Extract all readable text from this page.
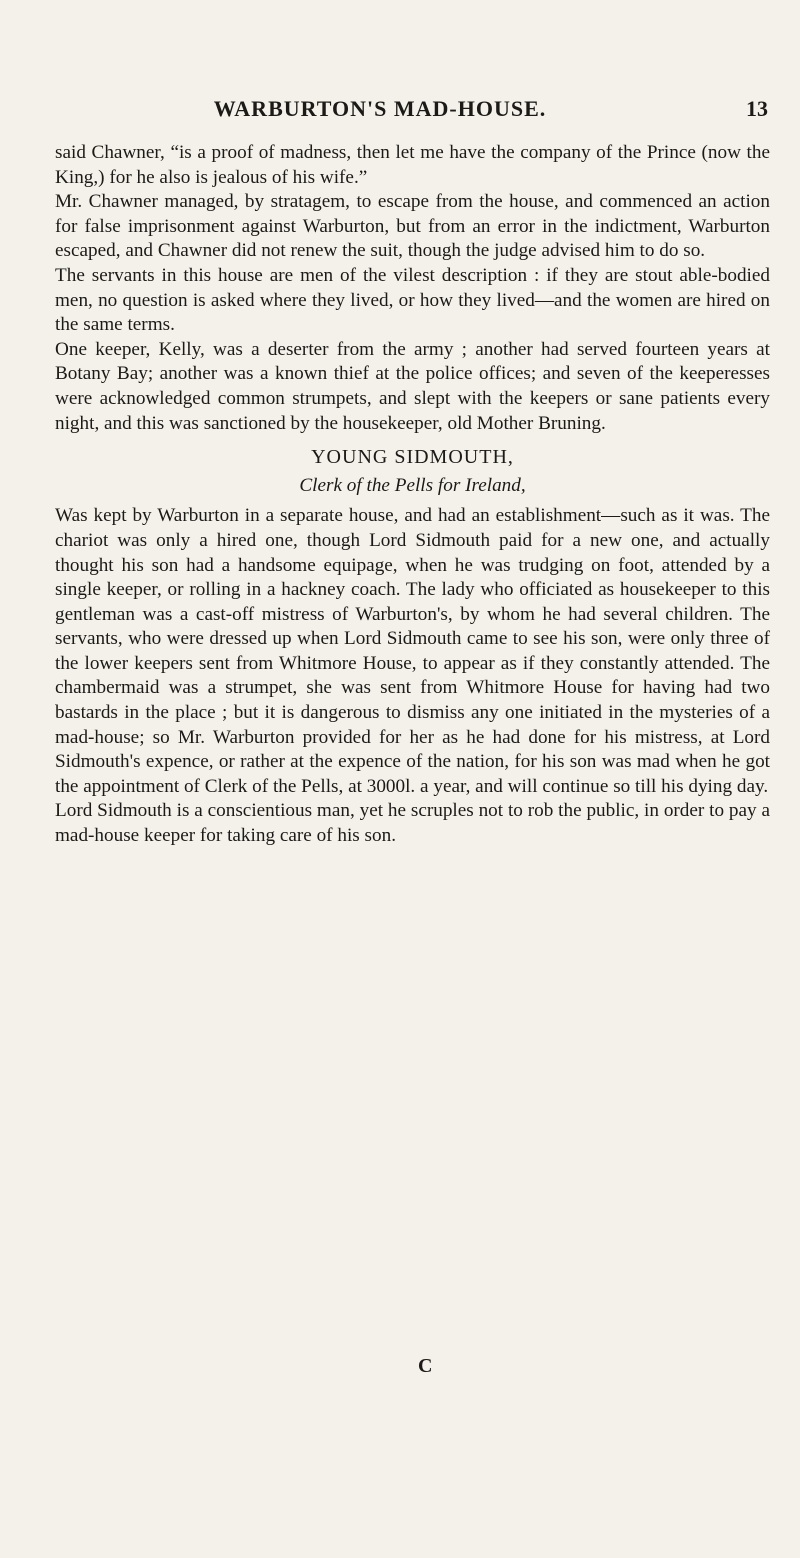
WARBURTON'S MAD-HOUSE.	13

said Chawner, “is a proof of madness, then let me have the company of the Prince (now the King,) for he also is jealous of his wife.”

Mr. Chawner managed, by stratagem, to escape from the house, and commenced an action for false imprisonment against Warburton, but from an error in the indictment, Warburton escaped, and Chawner did not renew the suit, though the judge advised him to do so.

The servants in this house are men of the vilest description : if they are stout able-bodied men, no question is asked where they lived, or how they lived—and the women are hired on the same terms.

One keeper, Kelly, was a deserter from the army ; another had served fourteen years at Botany Bay; another was a known thief at the police offices; and seven of the keeperesses were acknowledged common strumpets, and slept with the keepers or sane patients every night, and this was sanctioned by the housekeeper, old Mother Bruning.

YOUNG SIDMOUTH,

Clerk of the Pells for Ireland,

Was kept by Warburton in a separate house, and had an establishment—such as it was. The chariot was only a hired one, though Lord Sidmouth paid for a new one, and actually thought his son had a handsome equipage, when he was trudging on foot, attended by a single keeper, or rolling in a hackney coach. The lady who officiated as housekeeper to this gentleman was a cast-off mistress of Warburton's, by whom he had several children. The servants, who were dressed up when Lord Sidmouth came to see his son, were only three of the lower keepers sent from Whitmore House, to appear as if they constantly attended. The chambermaid was a strumpet, she was sent from Whitmore House for having had two bastards in the place ; but it is dangerous to dismiss any one initiated in the mysteries of a mad-house; so Mr. Warburton provided for her as he had done for his mistress, at Lord Sidmouth's expence, or rather at the expence of the nation, for his son was mad when he got the appointment of Clerk of the Pells, at 3000l. a year, and will continue so till his dying day.

Lord Sidmouth is a conscientious man, yet he scruples not to rob the public, in order to pay a mad-house keeper for taking care of his son.

C
